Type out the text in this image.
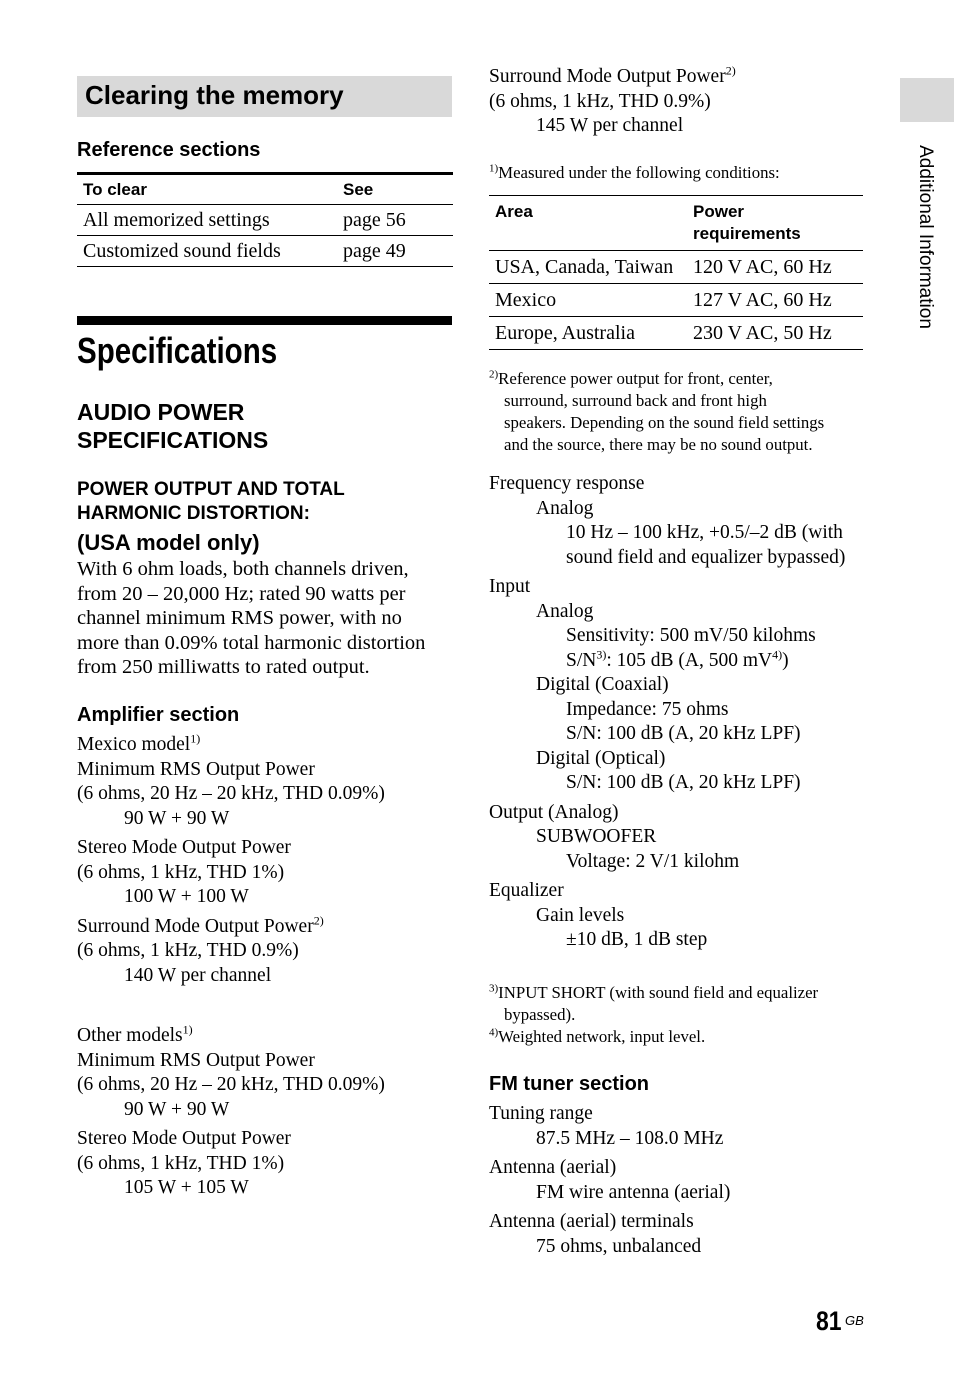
Additional Information
Clearing the memory
Reference sections
To clear	See
All memorized settings	page 56
Customized sound fields	page 49
Specifications
AUDIO POWER
SPECIFICATIONS
POWER OUTPUT AND TOTAL
HARMONIC DISTORTION:
(USA model only)
With 6 ohm loads, both channels driven,
from 20 – 20,000 Hz; rated 90 watts per
channel minimum RMS power, with no
more than 0.09% total harmonic distortion
from 250 milliwatts to rated output.
Amplifier section
Mexico model$^{1)}$
Minimum RMS Output Power
(6 ohms, 20 Hz – 20 kHz, THD 0.09%)
90 W + 90 W
Stereo Mode Output Power
(6 ohms, 1 kHz, THD 1%)
100 W + 100 W
Surround Mode Output Power$^{2)}$
(6 ohms, 1 kHz, THD 0.9%)
140 W per channel
Other models$^{1)}$
Minimum RMS Output Power
(6 ohms, 20 Hz – 20 kHz, THD 0.09%)
90 W + 90 W
Stereo Mode Output Power
(6 ohms, 1 kHz, THD 1%)
105 W + 105 W
Surround Mode Output Power$^{2)}$
(6 ohms, 1 kHz, THD 0.9%)
145 W per channel
$^{1)}$Measured under the following conditions:
Area	Power
requirements

USA, Canada, Taiwan	120 V AC, 60 Hz
Mexico	127 V AC, 60 Hz
Europe, Australia	230 V AC, 50 Hz
$^{2)}$Reference power output for front, center,
surround, surround back and front high
speakers. Depending on the sound field settings
and the source, there may be no sound output.
Frequency response
Analog
10 Hz – 100 kHz, +0.5/–2 dB (with
sound field and equalizer bypassed)
Input
Analog
Sensitivity: 500 mV/50 kilohms
$S/N^{3)}$: 105 dB (A, 500 $mV^{4)}$)
Digital (Coaxial)
Impedance: 75 ohms
S/N: 100 dB (A, 20 kHz LPF)
Digital (Optical)
S/N: 100 dB (A, 20 kHz LPF)
Output (Analog)
SUBWOOFER
Voltage: 2 V/1 kilohm
Equalizer
Gain levels
±10 dB, 1 dB step
$^{3)}$INPUT SHORT (with sound field and equalizer
bypassed).
$^{4)}$Weighted network, input level.
FM tuner section
Tuning range
87.5 MHz – 108.0 MHz
Antenna (aerial)
FM wire antenna (aerial)
Antenna (aerial) terminals
75 ohms, unbalanced
81 GB
